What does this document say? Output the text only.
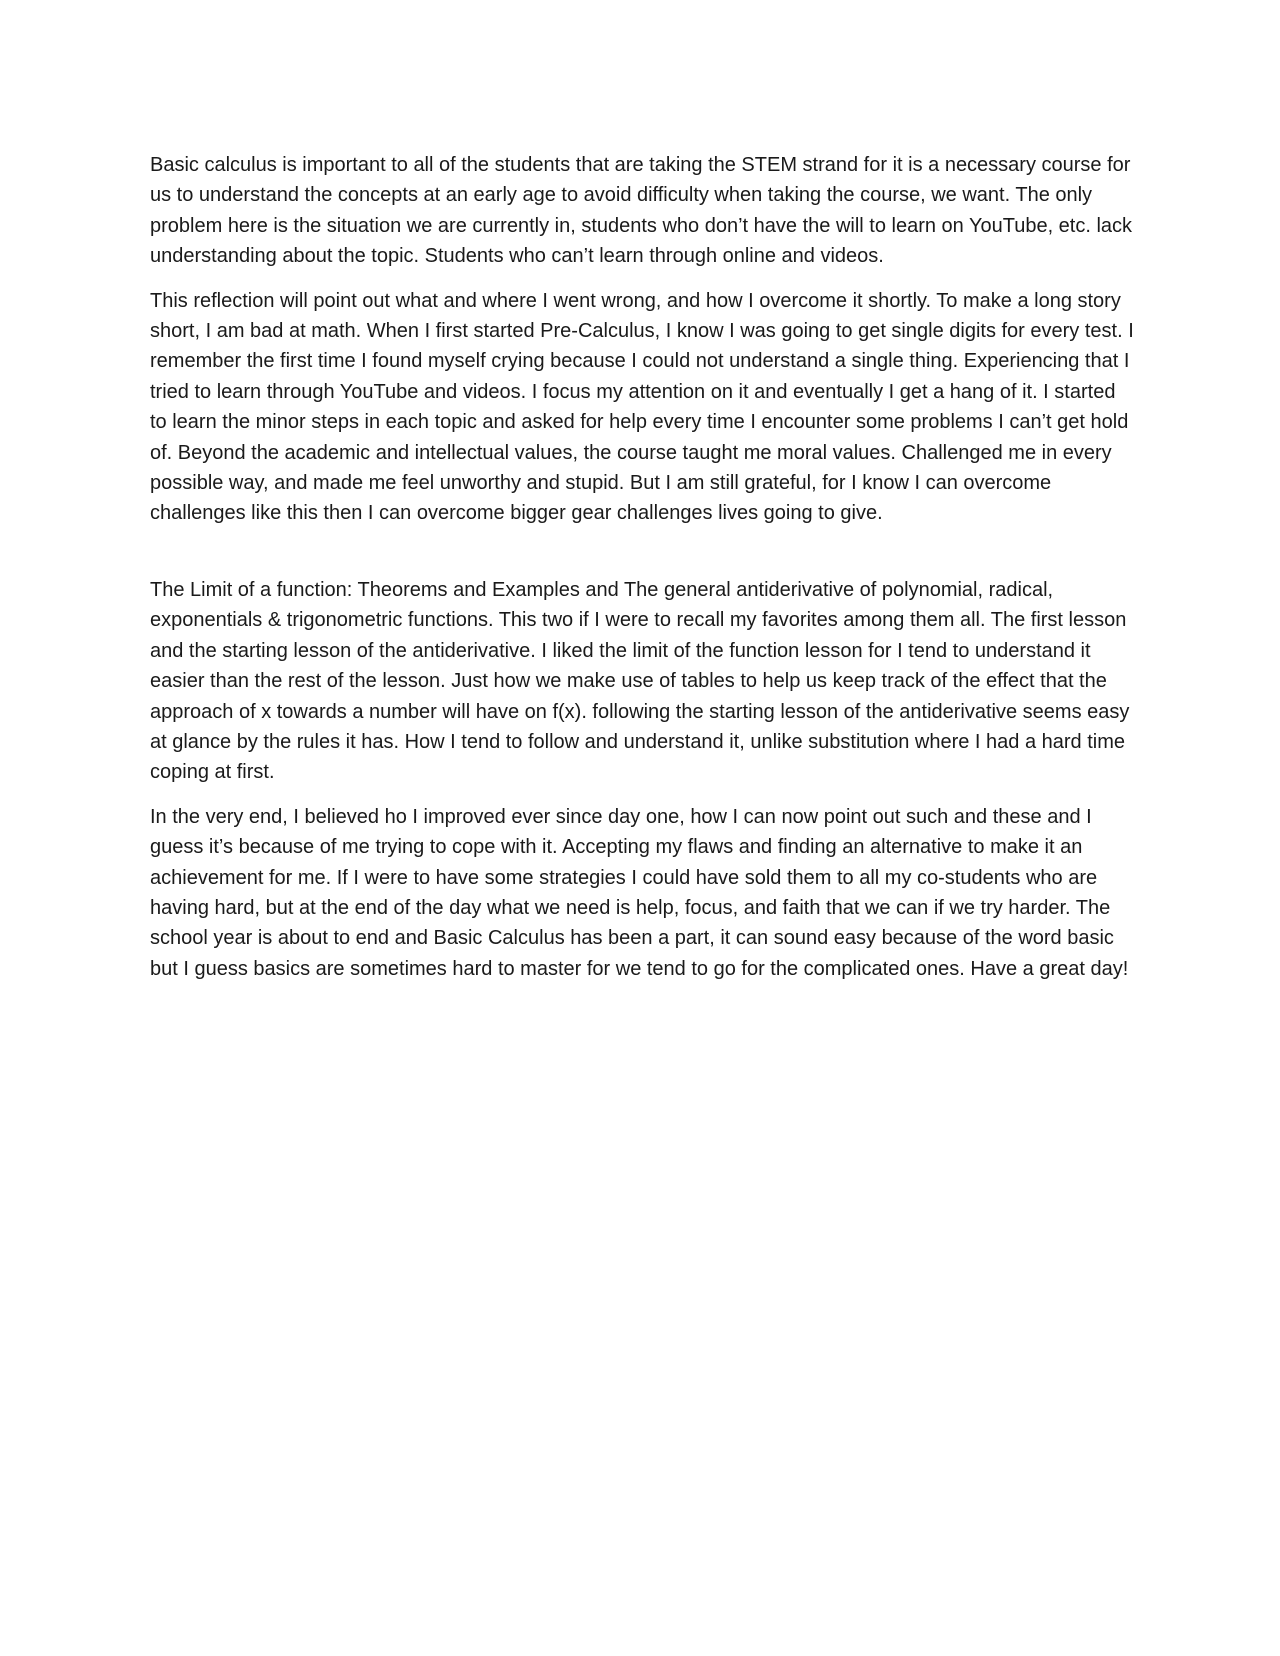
Basic calculus is important to all of the students that are taking the STEM strand for it is a necessary course for us to understand the concepts at an early age to avoid difficulty when taking the course, we want. The only problem here is the situation we are currently in, students who don’t have the will to learn on YouTube, etc. lack understanding about the topic. Students who can’t learn through online and videos.

This reflection will point out what and where I went wrong, and how I overcome it shortly. To make a long story short, I am bad at math. When I first started Pre-Calculus, I know I was going to get single digits for every test. I remember the first time I found myself crying because I could not understand a single thing. Experiencing that I tried to learn through YouTube and videos. I focus my attention on it and eventually I get a hang of it. I started to learn the minor steps in each topic and asked for help every time I encounter some problems I can’t get hold of. Beyond the academic and intellectual values, the course taught me moral values. Challenged me in every possible way, and made me feel unworthy and stupid. But I am still grateful, for I know I can overcome challenges like this then I can overcome bigger gear challenges lives going to give.

The Limit of a function: Theorems and Examples and The general antiderivative of polynomial, radical, exponentials & trigonometric functions. This two if I were to recall my favorites among them all. The first lesson and the starting lesson of the antiderivative. I liked the limit of the function lesson for I tend to understand it easier than the rest of the lesson. Just how we make use of tables to help us keep track of the effect that the approach of x towards a number will have on f(x). following the starting lesson of the antiderivative seems easy at glance by the rules it has. How I tend to follow and understand it, unlike substitution where I had a hard time coping at first.

In the very end, I believed ho I improved ever since day one, how I can now point out such and these and I guess it’s because of me trying to cope with it. Accepting my flaws and finding an alternative to make it an achievement for me. If I were to have some strategies I could have sold them to all my co-students who are having hard, but at the end of the day what we need is help, focus, and faith that we can if we try harder. The school year is about to end and Basic Calculus has been a part, it can sound easy because of the word basic but I guess basics are sometimes hard to master for we tend to go for the complicated ones. Have a great day!
